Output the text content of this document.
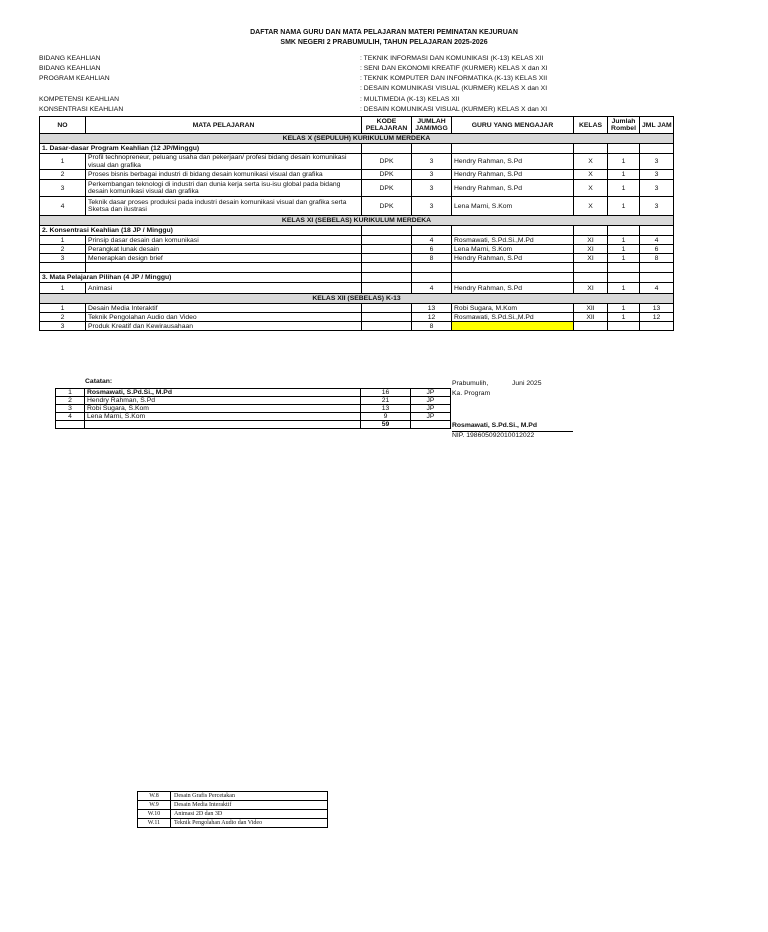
DAFTAR NAMA GURU DAN MATA PELAJARAN MATERI PEMINATAN KEJURUAN
SMK NEGERI 2 PRABUMULIH, TAHUN PELAJARAN 2025-2026
BIDANG KEAHLIAN	: TEKNIK INFORMASI DAN KOMUNIKASI (K-13) KELAS XII
BIDANG KEAHLIAN	: SENI DAN EKONOMI KREATIF (KURMER) KELAS X dan XI
PROGRAM KEAHLIAN	: TEKNIK KOMPUTER DAN INFORMATIKA (K-13) KELAS XII
: DESAIN KOMUNIKASI VISUAL (KURMER) KELAS X dan XI
KOMPETENSI KEAHLIAN	: MULTIMEDIA (K-13) KELAS XII
KONSENTRASI KEAHLIAN	: DESAIN KOMUNIKASI VISUAL (KURMER) KELAS X dan XI
NO	MATA PELAJARAN	KODE PELAJARAN	JUMLAH JAM/MGG	GURU YANG MENGAJAR	KELAS	Jumlah Rombel	JML JAM
KELAS X (SEPULUH) KURIKULUM MERDEKA							
1. Dasar-dasar Program Keahlian (12 JP/Minggu)							
1	Profil technopreneur, peluang usaha dan pekerjaan/ profesi bidang desain komunikasi visual dan grafika	DPK	3	Hendry Rahman, S.Pd	X	1	3
2	Proses bisnis berbagai industri di bidang desain komunikasi visual dan grafika	DPK	3	Hendry Rahman, S.Pd	X	1	3
3	Perkembangan teknologi di industri dan dunia kerja serta isu-isu global pada bidang desain komunikasi visual dan grafika	DPK	3	Hendry Rahman, S.Pd	X	1	3
4	Teknik dasar proses produksi pada industri desain komunikasi visual dan grafika serta Sketsa dan ilustrasi	DPK	3	Lena Marni, S.Kom	X	1	3
KELAS XI (SEBELAS) KURIKULUM MERDEKA							
2. Konsentrasi Keahlian (18 JP / Minggu)							
1	Prinsip dasar desain dan komunikasi		4	Rosmawati, S.Pd.Si.,M.Pd	XI	1	4
2	Perangkat lunak desain		6	Lena Marni, S.Kom	XI	1	6
3	Menerapkan design brief		8	Hendry Rahman, S.Pd	XI	1	8

3. Mata Pelajaran Pilihan (4 JP / Minggu)							
1	Animasi		4	Hendry Rahman, S.Pd	XI	1	4
KELAS XII (SEBELAS) K-13							
1	Desain Media Interaktif		13	Robi Sugara, M.Kom	XII	1	13
2	Teknik Pengolahan Audio dan Video		12	Rosmawati, S.Pd.Si.,M.Pd	XII	1	12
3	Produk Kreatif dan Kewirausahaan		8				
Catatan:
1	Rosmawati, S.Pd.Si., M.Pd	16	JP
2	Hendry Rahman, S.Pd	21	JP
3	Robi Sugara, S.Kom	13	JP
4	Lena Marni, S.Kom	9	JP
		59	
Prabumulih,	Juni 2025
Ka. Program
Rosmawati, S.Pd.Si., M.Pd
NIP. 198605092010012022
W.8	Desain Grafis Percetakan
W.9	Desain Media Interaktif
W.10	Animasi 2D dan 3D
W.11	Teknik Pengolahan Audio dan Video
